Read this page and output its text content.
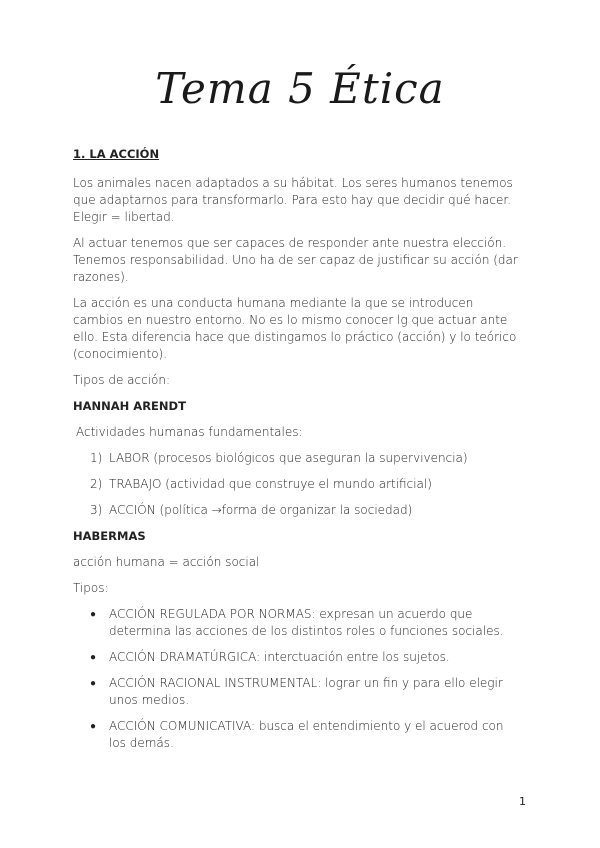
Tema 5 Ética
1. LA ACCIÓN

Los animales nacen adaptados a su hábitat. Los seres humanos tenemos que adaptarnos para transformarlo. Para esto hay que decidir qué hacer. Elegir = libertad.

Al actuar tenemos que ser capaces de responder ante nuestra elección. Tenemos responsabilidad. Uno ha de ser capaz de justificar su acción (dar razones).

La acción es una conducta humana mediante la que se introducen cambios en nuestro entorno. No es lo mismo conocer lg que actuar ante ello. Esta diferencia hace que distingamos lo práctico (acción) y lo teórico (conocimiento).

Tipos de acción:

HANNAH ARENDT

Actividades humanas fundamentales:

1) LABOR (procesos biológicos que aseguran la supervivencia)
2) TRABAJO (actividad que construye el mundo artificial)
3) ACCIÓN (política →forma de organizar la sociedad)
HABERMAS

acción humana = acción social

Tipos:

●	ACCIÓN REGULADA POR NORMAS: expresan un acuerdo que determina las acciones de los distintos roles o funciones sociales.
●	ACCIÓN DRAMATÚRGICA: interctuación entre los sujetos.
●	ACCIÓN RACIONAL INSTRUMENTAL: lograr un fin y para ello elegir unos medios.
●	ACCIÓN COMUNICATIVA: busca el entendimiento y el acuerod con los demás.
1
